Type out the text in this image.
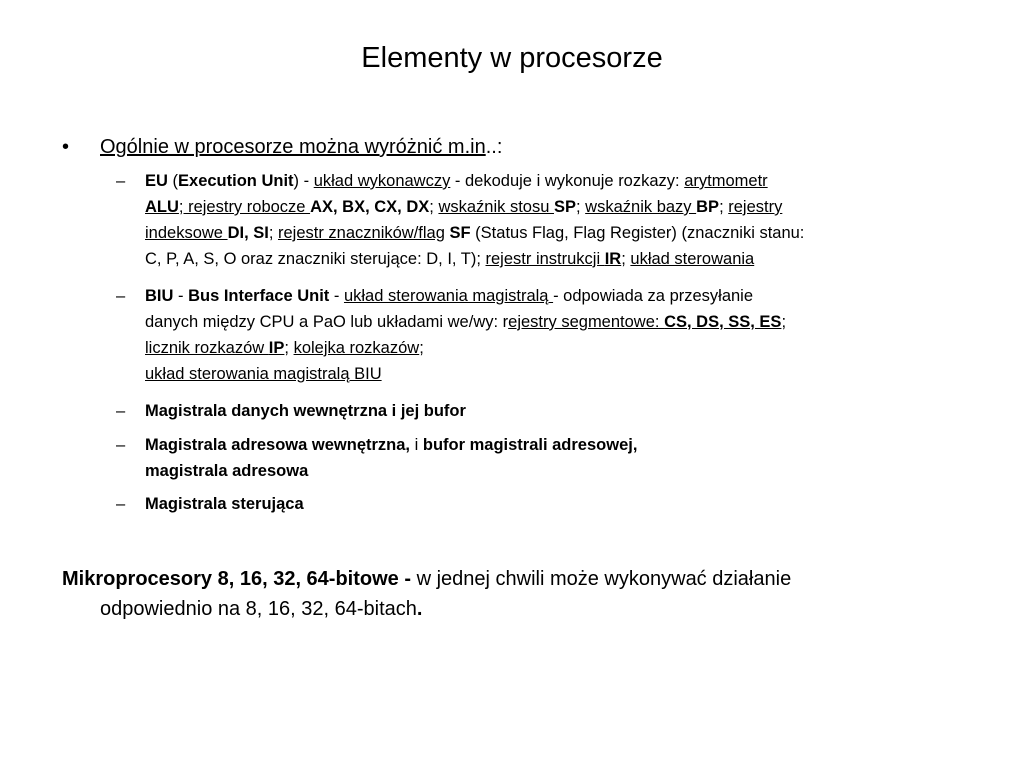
Elementy w procesorze
• Ogólnie w procesorze można wyróżnić m.in..:
– EU (Execution Unit) - układ wykonawczy - dekoduje i wykonuje rozkazy: arytmometr
ALU; rejestry robocze AX, BX, CX, DX; wskaźnik stosu SP; wskaźnik bazy BP; rejestry
indeksowe DI, SI; rejestr znaczników/flag SF (Status Flag, Flag Register) (znaczniki stanu:
C, P, A, S, O oraz znaczniki sterujące: D, I, T); rejestr instrukcji IR; układ sterowania
– BIU - Bus Interface Unit - układ sterowania magistralą - odpowiada za przesyłanie
danych między CPU a PaO lub układami we/wy: rejestry segmentowe: CS, DS, SS, ES;
licznik rozkazów IP; kolejka rozkazów;
układ sterowania magistralą BIU
– Magistrala danych wewnętrzna i jej bufor
– Magistrala adresowa wewnętrzna, i bufor magistrali adresowej,
magistrala adresowa
– Magistrala sterująca
Mikroprocesory 8, 16, 32, 64-bitowe - w jednej chwili może wykonywać działanie
odpowiednio na 8, 16, 32, 64-bitach.
